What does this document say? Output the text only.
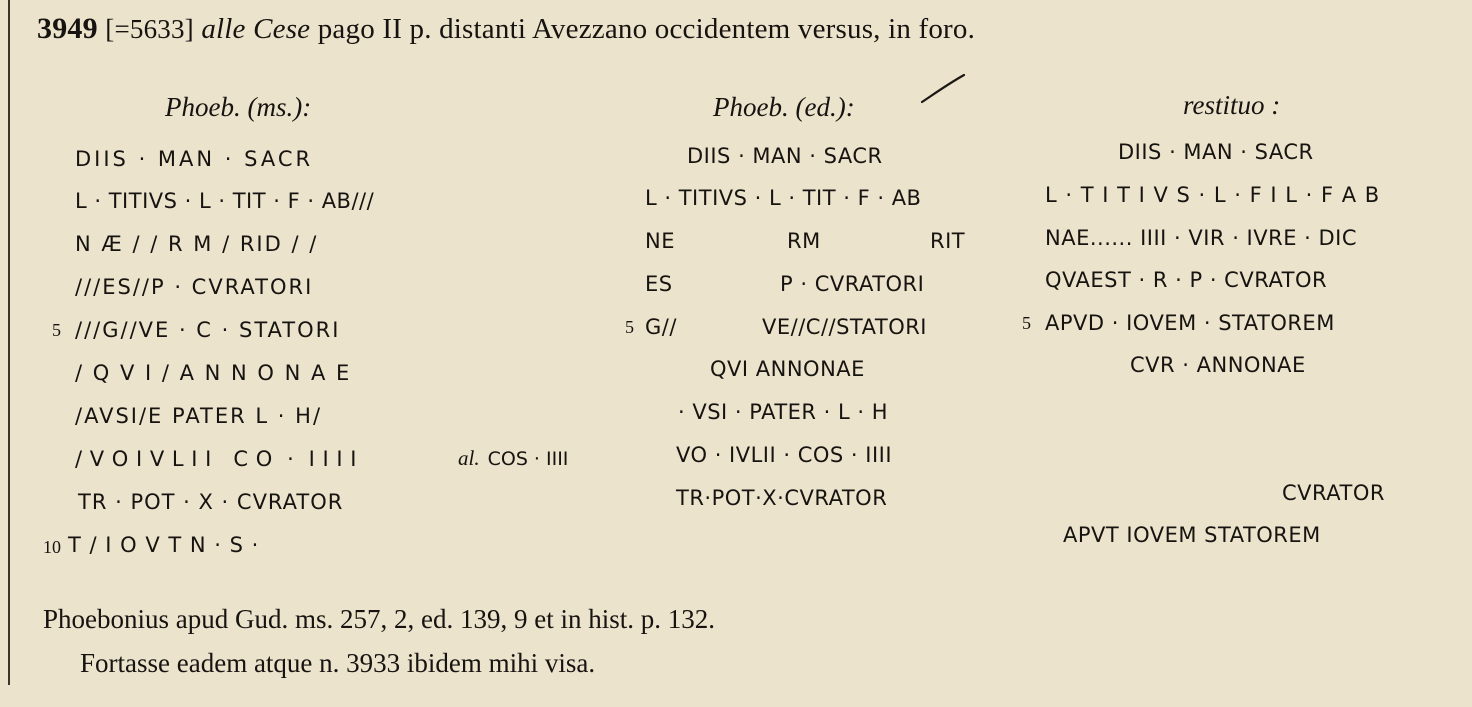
3949 [=5633] alle Cese pago II p. distanti Avezzano occidentem versus, in foro.
Phoeb. (ms.):
DIIS · MAN · SACR
L · TITIVS · L · TIT · F · AB///
N Æ / / R M / RID / /
///ES//P · CVRATORI
5 ///G//VE · C · STATORI
/ Q V I / A N N O N A E
/AVSI/E PATER L · H/
/ V O I V L I I   C O  ·  I I I I	al. COS · IIII
TR · POT · X · CVRATOR
10 T / I O V T N · S ·
Phoeb. (ed.):
DIIS · MAN · SACR
L · TITIVS · L · TIT · F · AB
NE	RM	RIT
ES	P · CVRATORI
5 G//	VE//C//STATORI
QVI ANNONAE
· VSI · PATER · L · H
VO · IVLII · COS · IIII
TR·POT·X·CVRATOR
restituo :
DIIS · MAN · SACR
L · T I T I V S · L · F I L · F A B
NAE...... IIII · VIR · IVRE · DIC
QVAEST · R · P · CVRATOR
5 APVD · IOVEM · STATOREM
CVR · ANNONAE
CVRATOR
APVT IOVEM STATOREM
Phoebonius apud Gud. ms. 257, 2, ed. 139, 9 et in hist. p. 132.
Fortasse eadem atque n. 3933 ibidem mihi visa.
